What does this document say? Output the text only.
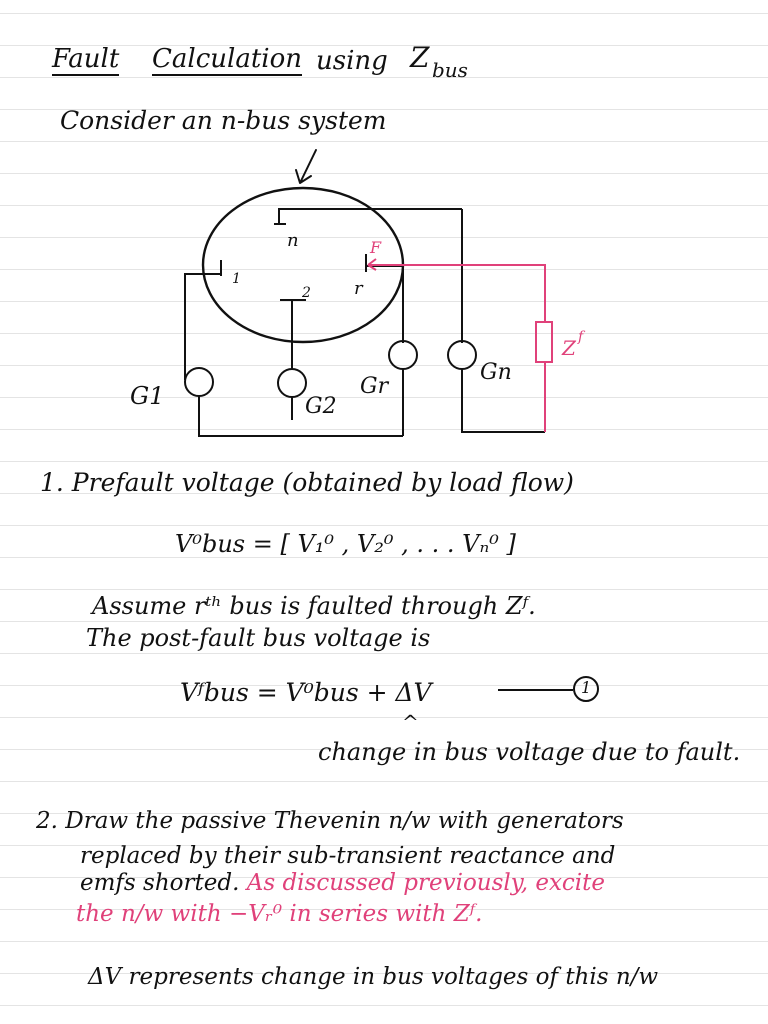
Fault Calculation using Z bus
Consider an n-bus system
n
1
2 r
F
Z f
G1	G2
Gr
Gn
1. Prefault voltage (obtained by load flow)
V⁰bus = [ V₁⁰ , V₂⁰ , . . . Vₙ⁰ ]
Assume rᵗʰ bus is faulted through Zᶠ.
The post-fault bus voltage is
Vᶠbus = V⁰bus + ΔV	1
^
change in bus voltage due to fault.
2. Draw the passive Thevenin n/w with generators
replaced by their sub-transient reactance and
emfs shorted. As discussed previously, excite
the n/w with −Vᵣ⁰ in series with Zᶠ.
ΔV represents change in bus voltages of this n/w
